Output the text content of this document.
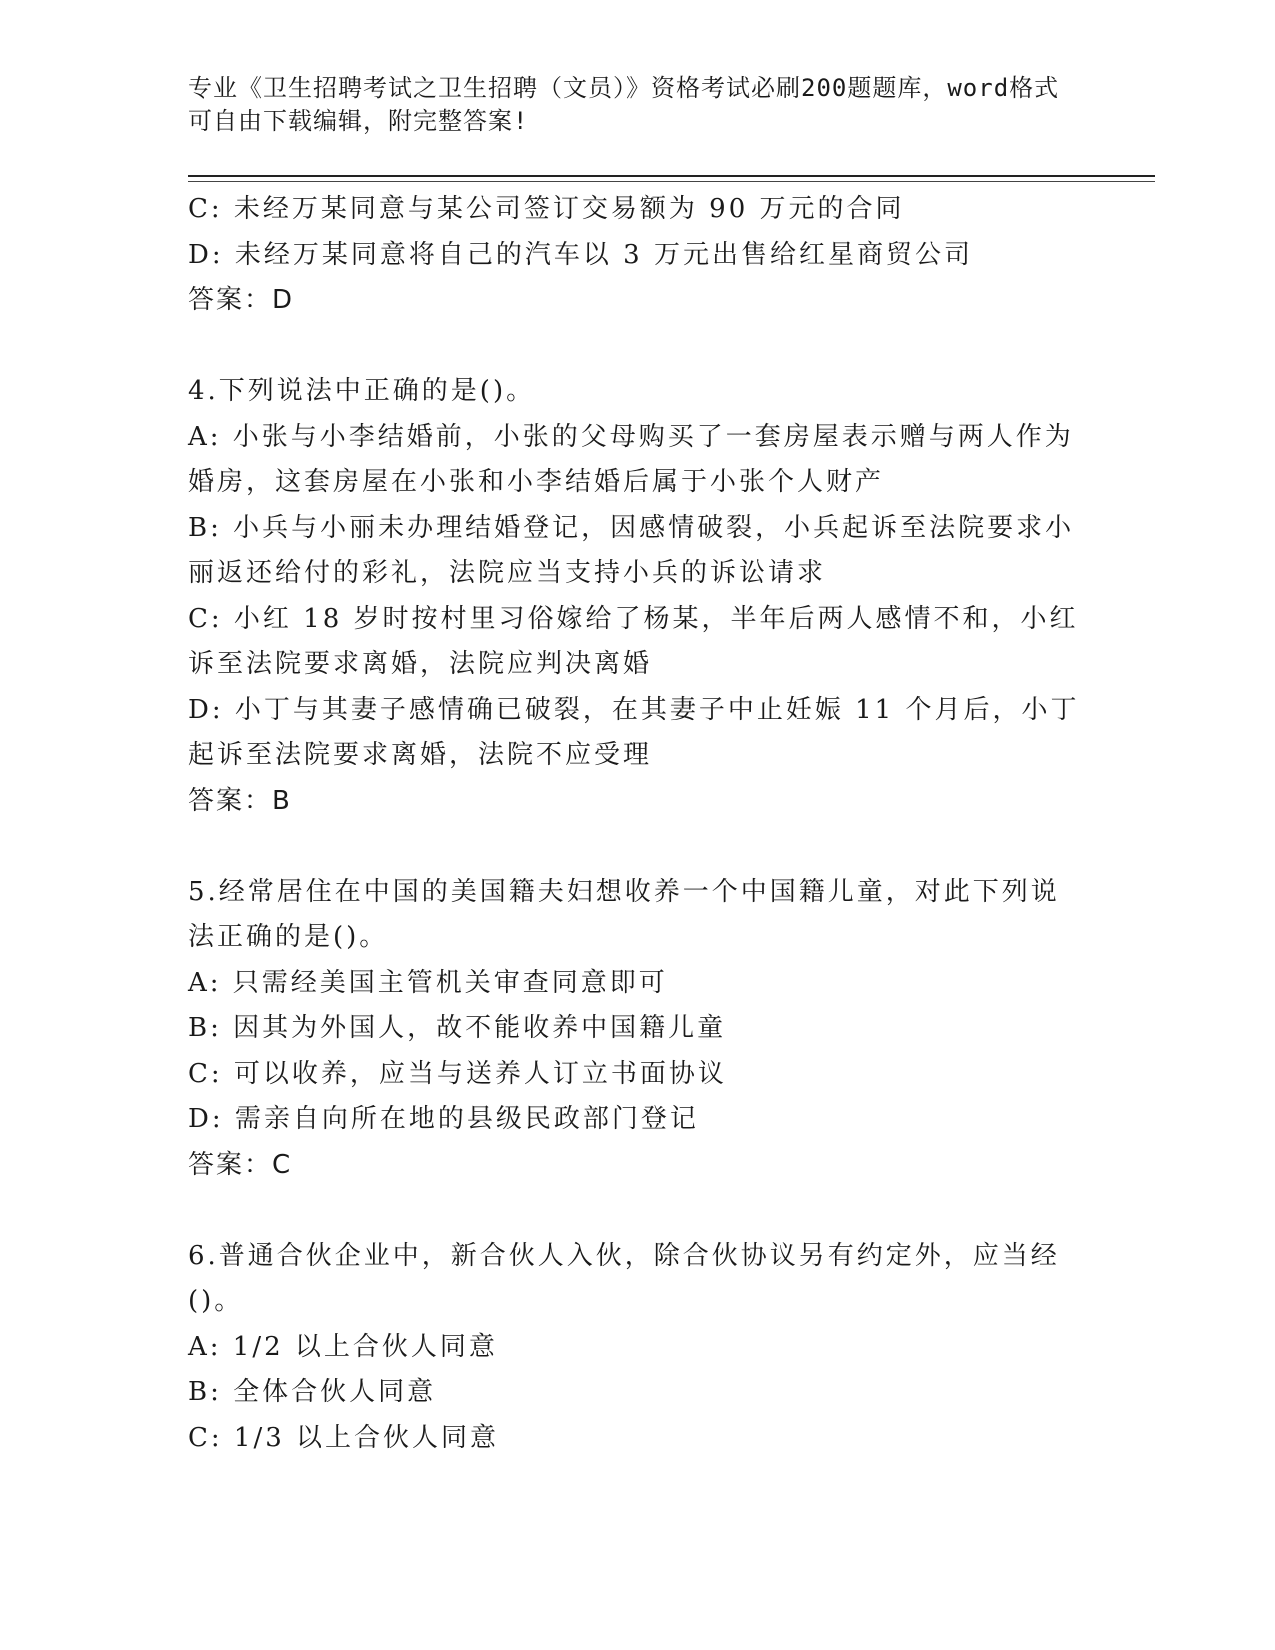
专业《卫生招聘考试之卫生招聘（文员）》资格考试必刷200题题库，word格式
可自由下载编辑，附完整答案!
C: 未经万某同意与某公司签订交易额为 90 万元的合同
D: 未经万某同意将自己的汽车以 3 万元出售给红星商贸公司
答案：D
4.下列说法中正确的是()。
A: 小张与小李结婚前，小张的父母购买了一套房屋表示赠与两人作为
婚房，这套房屋在小张和小李结婚后属于小张个人财产
B: 小兵与小丽未办理结婚登记，因感情破裂，小兵起诉至法院要求小
丽返还给付的彩礼，法院应当支持小兵的诉讼请求
C: 小红 18 岁时按村里习俗嫁给了杨某，半年后两人感情不和，小红
诉至法院要求离婚，法院应判决离婚
D: 小丁与其妻子感情确已破裂，在其妻子中止妊娠 11 个月后，小丁
起诉至法院要求离婚，法院不应受理
答案：B
5.经常居住在中国的美国籍夫妇想收养一个中国籍儿童，对此下列说
法正确的是()。
A: 只需经美国主管机关审查同意即可
B: 因其为外国人，故不能收养中国籍儿童
C: 可以收养，应当与送养人订立书面协议
D: 需亲自向所在地的县级民政部门登记
答案：C
6.普通合伙企业中，新合伙人入伙，除合伙协议另有约定外，应当经
()。
A: 1/2 以上合伙人同意
B: 全体合伙人同意
C: 1/3 以上合伙人同意
